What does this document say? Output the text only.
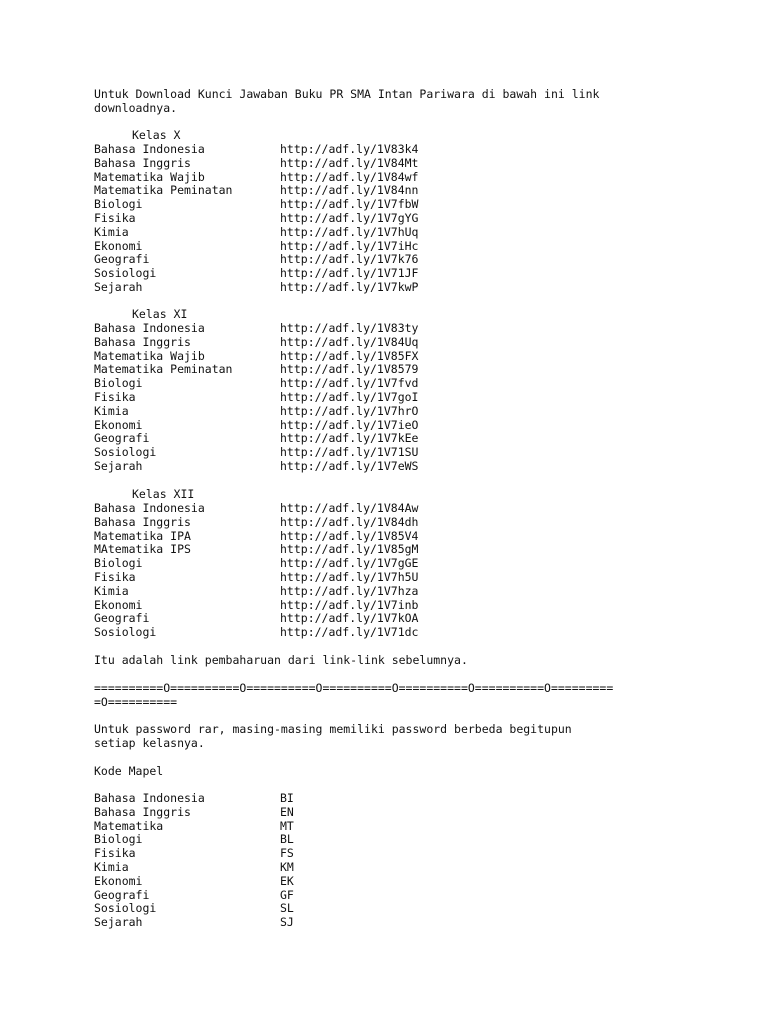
Untuk Download Kunci Jawaban Buku PR SMA Intan Pariwara di bawah ini link
downloadnya.
Kelas X
Bahasa Indonesia	http://adf.ly/1V83k4
Bahasa Inggris	http://adf.ly/1V84Mt
Matematika Wajib	http://adf.ly/1V84wf
Matematika Peminatan	http://adf.ly/1V84nn
Biologi	http://adf.ly/1V7fbW
Fisika	http://adf.ly/1V7gYG
Kimia	http://adf.ly/1V7hUq
Ekonomi	http://adf.ly/1V7iHc
Geografi	http://adf.ly/1V7k76
Sosiologi	http://adf.ly/1V71JF
Sejarah	http://adf.ly/1V7kwP
Kelas XI
Bahasa Indonesia	http://adf.ly/1V83ty
Bahasa Inggris	http://adf.ly/1V84Uq
Matematika Wajib	http://adf.ly/1V85FX
Matematika Peminatan	http://adf.ly/1V8579
Biologi	http://adf.ly/1V7fvd
Fisika	http://adf.ly/1V7goI
Kimia	http://adf.ly/1V7hrO
Ekonomi	http://adf.ly/1V7ieO
Geografi	http://adf.ly/1V7kEe
Sosiologi	http://adf.ly/1V71SU
Sejarah	http://adf.ly/1V7eWS
Kelas XII
Bahasa Indonesia	http://adf.ly/1V84Aw
Bahasa Inggris	http://adf.ly/1V84dh
Matematika IPA	http://adf.ly/1V85V4
MAtematika IPS	http://adf.ly/1V85gM
Biologi	http://adf.ly/1V7gGE
Fisika	http://adf.ly/1V7h5U
Kimia	http://adf.ly/1V7hza
Ekonomi	http://adf.ly/1V7inb
Geografi	http://adf.ly/1V7kOA
Sosiologi	http://adf.ly/1V71dc
Itu adalah link pembaharuan dari link-link sebelumnya.
==========O==========O==========O==========O==========O==========O=========
=O==========
Untuk password rar, masing-masing memiliki password berbeda begitupun
setiap kelasnya.
Kode Mapel
Bahasa Indonesia	BI
Bahasa Inggris	EN
Matematika	MT
Biologi	BL
Fisika	FS
Kimia	KM
Ekonomi	EK
Geografi	GF
Sosiologi	SL
Sejarah	SJ
